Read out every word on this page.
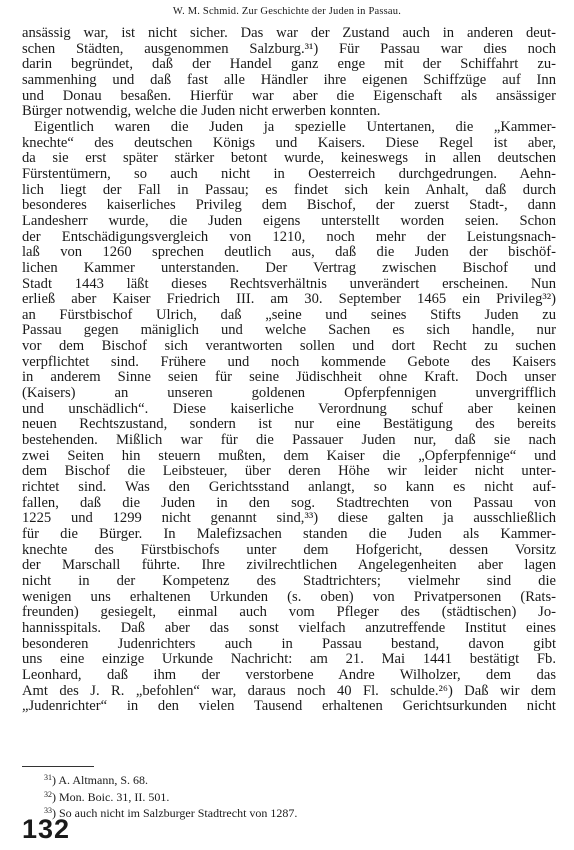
W. M. Schmid. Zur Geschichte der Juden in Passau.

ansässig war, ist nicht sicher. Das war der Zustand auch in anderen deut-
schen Städten, ausgenommen Salzburg.³¹) Für Passau war dies noch
darin begründet, daß der Handel ganz enge mit der Schiffahrt zu-
sammenhing und daß fast alle Händler ihre eigenen Schiffzüge auf Inn
und Donau besaßen. Hierfür war aber die Eigenschaft als ansässiger
Bürger notwendig, welche die Juden nicht erwerben konnten.

Eigentlich waren die Juden ja spezielle Untertanen, die „Kammer-
knechte“ des deutschen Königs und Kaisers. Diese Regel ist aber,
da sie erst später stärker betont wurde, keineswegs in allen deutschen
Fürstentümern, so auch nicht in Oesterreich durchgedrungen. Aehn-
lich liegt der Fall in Passau; es findet sich kein Anhalt, daß durch
besonderes kaiserliches Privileg dem Bischof, der zuerst Stadt-, dann
Landesherr wurde, die Juden eigens unterstellt worden seien. Schon
der Entschädigungsvergleich von 1210, noch mehr der Leistungsnach-
laß von 1260 sprechen deutlich aus, daß die Juden der bischöf-
lichen Kammer unterstanden. Der Vertrag zwischen Bischof und
Stadt 1443 läßt dieses Rechtsverhältnis unverändert erscheinen. Nun
erließ aber Kaiser Friedrich III. am 30. September 1465 ein Privileg³²)
an Fürstbischof Ulrich, daß „seine und seines Stifts Juden zu
Passau gegen mäniglich und welche Sachen es sich handle, nur
vor dem Bischof sich verantworten sollen und dort Recht zu suchen
verpflichtet sind. Frühere und noch kommende Gebote des Kaisers
in anderem Sinne seien für seine Jüdischheit ohne Kraft. Doch unser
(Kaisers) an unseren goldenen Opferpfennigen unvergrifflich
und unschädlich“. Diese kaiserliche Verordnung schuf aber keinen
neuen Rechtszustand, sondern ist nur eine Bestätigung des bereits
bestehenden. Mißlich war für die Passauer Juden nur, daß sie nach
zwei Seiten hin steuern mußten, dem Kaiser die „Opferpfennige“ und
dem Bischof die Leibsteuer, über deren Höhe wir leider nicht unter-
richtet sind. Was den Gerichtsstand anlangt, so kann es nicht auf-
fallen, daß die Juden in den sog. Stadtrechten von Passau von
1225 und 1299 nicht genannt sind,³³) diese galten ja ausschließlich
für die Bürger. In Malefizsachen standen die Juden als Kammer-
knechte des Fürstbischofs unter dem Hofgericht, dessen Vorsitz
der Marschall führte. Ihre zivilrechtlichen Angelegenheiten aber lagen
nicht in der Kompetenz des Stadtrichters; vielmehr sind die
wenigen uns erhaltenen Urkunden (s. oben) von Privatpersonen (Rats-
freunden) gesiegelt, einmal auch vom Pfleger des (städtischen) Jo-
hannisspitals. Daß aber das sonst vielfach anzutreffende Institut eines
besonderen Judenrichters auch in Passau bestand, davon gibt
uns eine einzige Urkunde Nachricht: am 21. Mai 1441 bestätigt Fb.
Leonhard, daß ihm der verstorbene Andre Wilholzer, dem das
Amt des J. R. „befohlen“ war, daraus noch 40 Fl. schulde.²⁶) Daß wir dem
„Judenrichter“ in den vielen Tausend erhaltenen Gerichtsurkunden nicht

$^{31}$) A. Altmann, S. 68.
$^{32}$) Mon. Boic. 31, II. 501.
$^{33}$) So auch nicht im Salzburger Stadtrecht von 1287.
132
